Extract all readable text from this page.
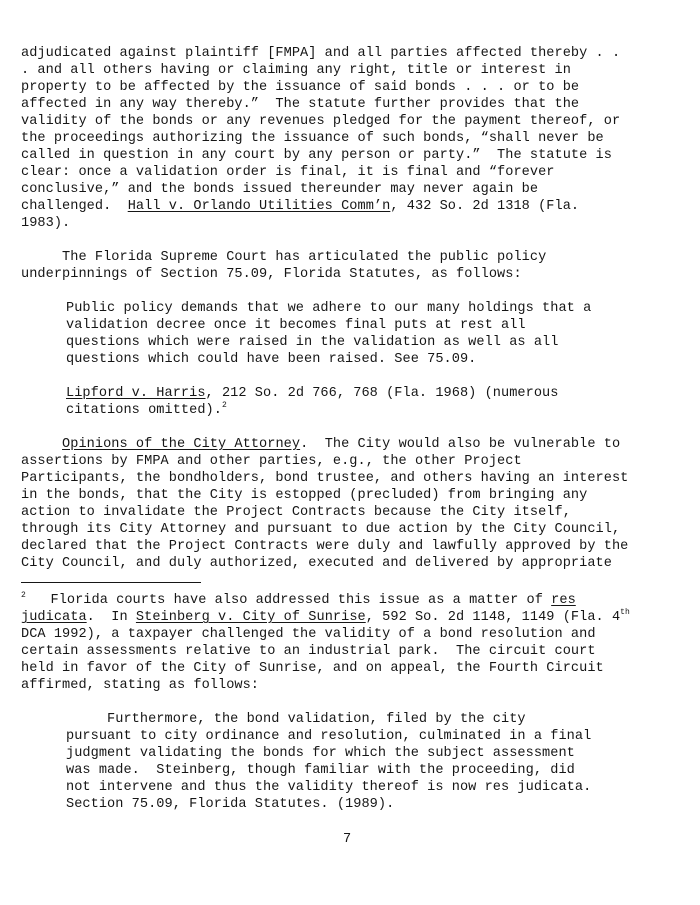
adjudicated against plaintiff [FMPA] and all parties affected thereby . .
. and all others having or claiming any right, title or interest in
property to be affected by the issuance of said bonds . . . or to be
affected in any way thereby.”  The statute further provides that the
validity of the bonds or any revenues pledged for the payment thereof, or
the proceedings authorizing the issuance of such bonds, “shall never be
called in question in any court by any person or party.”  The statute is
clear: once a validation order is final, it is final and “forever
conclusive,” and the bonds issued thereunder may never again be
challenged.  Hall v. Orlando Utilities Comm’n, 432 So. 2d 1318 (Fla.
1983).
The Florida Supreme Court has articulated the public policy
underpinnings of Section 75.09, Florida Statutes, as follows:
Public policy demands that we adhere to our many holdings that a
validation decree once it becomes final puts at rest all
questions which were raised in the validation as well as all
questions which could have been raised. See 75.09.
Lipford v. Harris, 212 So. 2d 766, 768 (Fla. 1968) (numerous
citations omitted).$^2$
Opinions of the City Attorney.  The City would also be vulnerable to
assertions by FMPA and other parties, e.g., the other Project
Participants, the bondholders, bond trustee, and others having an interest
in the bonds, that the City is estopped (precluded) from bringing any
action to invalidate the Project Contracts because the City itself,
through its City Attorney and pursuant to due action by the City Council,
declared that the Project Contracts were duly and lawfully approved by the
City Council, and duly authorized, executed and delivered by appropriate
$^2$   Florida courts have also addressed this issue as a matter of res
judicata.  In Steinberg v. City of Sunrise, 592 So. 2d 1148, 1149 (Fla. 4th
DCA 1992), a taxpayer challenged the validity of a bond resolution and
certain assessments relative to an industrial park.  The circuit court
held in favor of the City of Sunrise, and on appeal, the Fourth Circuit
affirmed, stating as follows:
Furthermore, the bond validation, filed by the city
pursuant to city ordinance and resolution, culminated in a final
judgment validating the bonds for which the subject assessment
was made.  Steinberg, though familiar with the proceeding, did
not intervene and thus the validity thereof is now res judicata.
Section 75.09, Florida Statutes. (1989).
7
